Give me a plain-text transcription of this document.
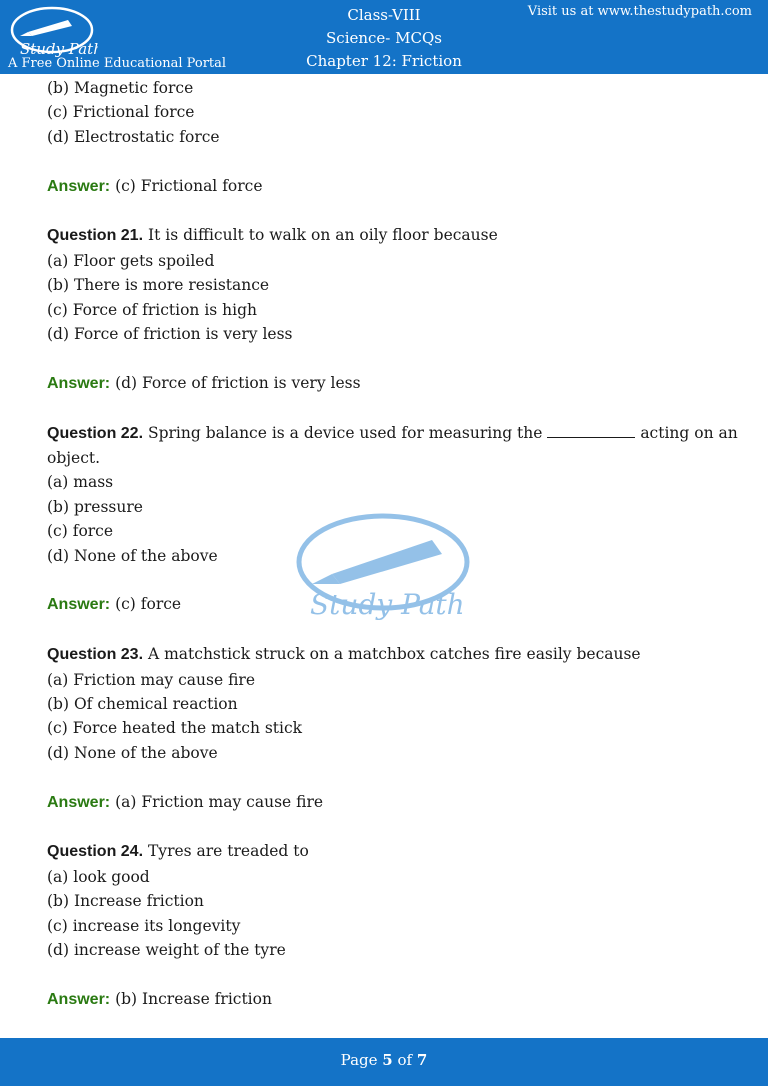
Study Path
A Free Online Educational Portal
Class-VIII
Science- MCQs
Chapter 12: Friction
Visit us at www.thestudypath.com
Study Path

(b) Magnetic force

(c) Frictional force

(d) Electrostatic force

Answer: (c) Frictional force

Question 21. It is difficult to walk on an oily floor because

(a) Floor gets spoiled

(b) There is more resistance

(c) Force of friction is high

(d) Force of friction is very less

Answer: (d) Force of friction is very less

Question 22. Spring balance is a device used for measuring the	acting on an

object.

(a) mass

(b) pressure

(c) force

(d) None of the above

Answer: (c) force

Question 23. A matchstick struck on a matchbox catches fire easily because

(a) Friction may cause fire

(b) Of chemical reaction

(c) Force heated the match stick

(d) None of the above

Answer: (a) Friction may cause fire

Question 24. Tyres are treaded to

(a) look good

(b) Increase friction

(c) increase its longevity

(d) increase weight of the tyre

Answer: (b) Increase friction

Page 5 of 7
